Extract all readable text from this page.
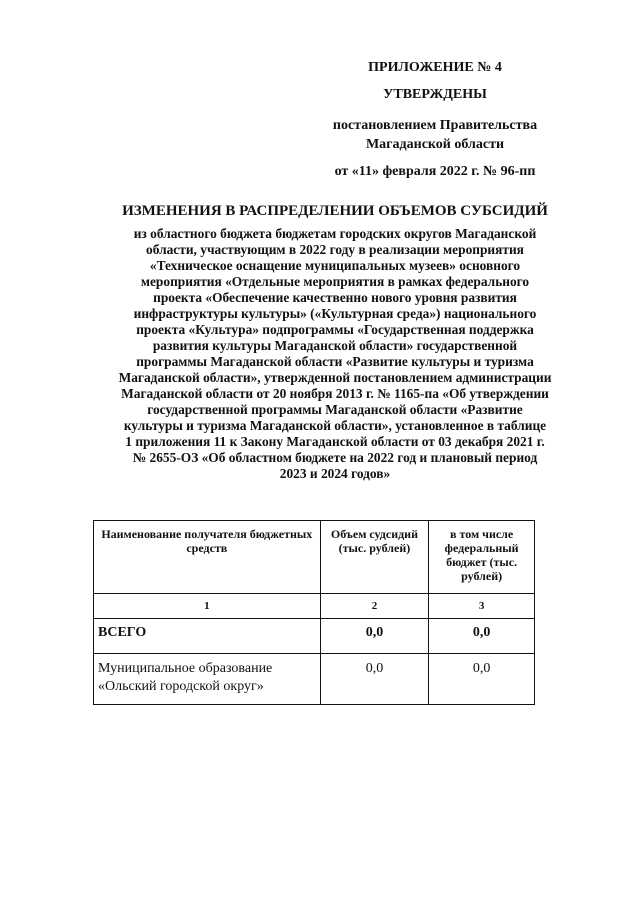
ПРИЛОЖЕНИЕ № 4
УТВЕРЖДЕНЫ
постановлением Правительства
Магаданской области
от «11» февраля 2022 г. № 96-пп
ИЗМЕНЕНИЯ В РАСПРЕДЕЛЕНИИ ОБЪЕМОВ СУБСИДИЙ
из областного бюджета бюджетам городских округов Магаданской
области, участвующим в 2022 году в реализации мероприятия
«Техническое оснащение муниципальных музеев» основного
мероприятия «Отдельные мероприятия в рамках федерального
проекта «Обеспечение качественно нового уровня развития
инфраструктуры культуры» («Культурная среда») национального
проекта «Культура» подпрограммы «Государственная поддержка
развития культуры Магаданской области» государственной
программы Магаданской области «Развитие культуры и туризма
Магаданской области», утвержденной постановлением администрации
Магаданской области от 20 ноября 2013 г. № 1165-па «Об утверждении
государственной программы Магаданской области «Развитие
культуры и туризма Магаданской области», установленное в таблице
1 приложения 11 к Закону Магаданской области от 03 декабря 2021 г.
№ 2655-ОЗ «Об областном бюджете на 2022 год и плановый период
2023 и 2024 годов»
Наименование получателя бюджетных средств	Объем судсидий (тыс. рублей)	в том числе федеральный бюджет (тыс. рублей)
1	2	3
ВСЕГО	0,0	0,0

Муниципальное образование
«Ольский городской округ»	0,0	0,0
